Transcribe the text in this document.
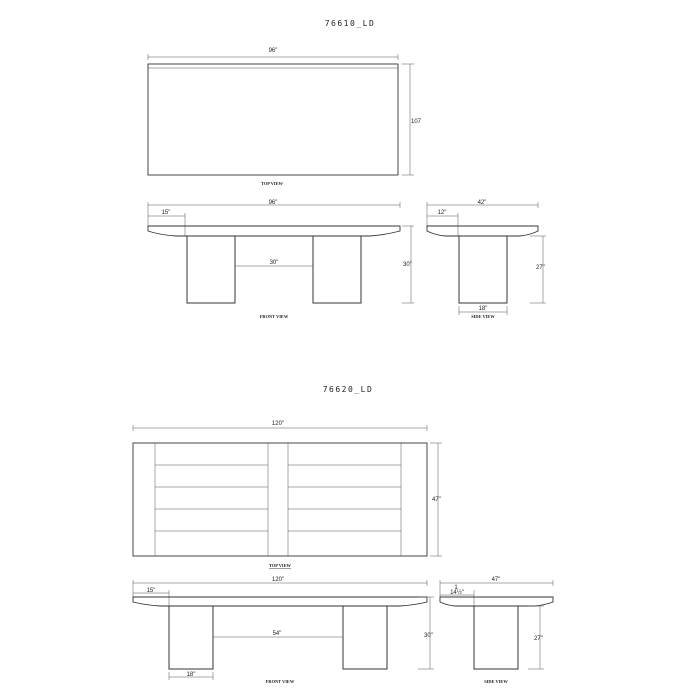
76610_LD
96"
107
TOP VIEW
96"
15"
30"	30"
FRONT VIEW
42"
12"
18"
27"
SIDE VIEW
76620_LD
120"
47"
TOP VIEW
120"
15"
54"
18"
30"
FRONT VIEW
47"
1
14½"
27"
SIDE VIEW
